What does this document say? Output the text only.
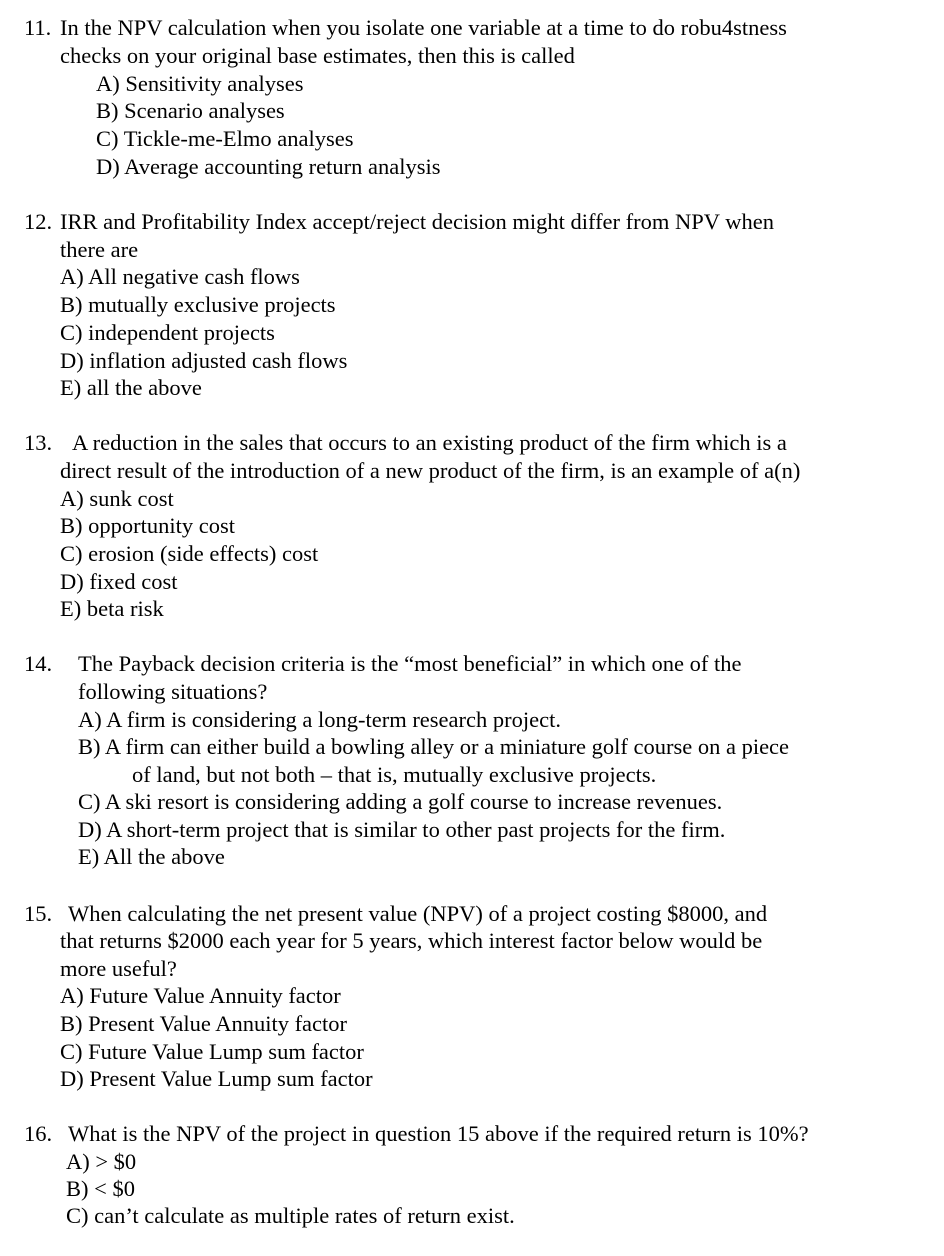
11. In the NPV calculation when you isolate one variable at a time to do robu4stness
checks on your original base estimates, then this is called
A) Sensitivity analyses
B) Scenario analyses
C) Tickle-me-Elmo analyses
D) Average accounting return analysis
12. IRR and Profitability Index accept/reject decision might differ from NPV when
there are
A) All negative cash flows
B) mutually exclusive projects
C) independent projects
D) inflation adjusted cash flows
E) all the above
13. A reduction in the sales that occurs to an existing product of the firm which is a
direct result of the introduction of a new product of the firm, is an example of a(n)
A) sunk cost
B) opportunity cost
C) erosion (side effects) cost
D) fixed cost
E) beta risk
14. The Payback decision criteria is the “most beneficial” in which one of the
following situations?
A) A firm is considering a long-term research project.
B) A firm can either build a bowling alley or a miniature golf course on a piece
of land, but not both – that is, mutually exclusive projects.
C) A ski resort is considering adding a golf course to increase revenues.
D) A short-term project that is similar to other past projects for the firm.
E) All the above
15. When calculating the net present value (NPV) of a project costing $8000, and
that returns $2000 each year for 5 years, which interest factor below would be
more useful?
A) Future Value Annuity factor
B) Present Value Annuity factor
C) Future Value Lump sum factor
D) Present Value Lump sum factor
16. What is the NPV of the project in question 15 above if the required return is 10%?
A) > $0
B) < $0
C) can’t calculate as multiple rates of return exist.
